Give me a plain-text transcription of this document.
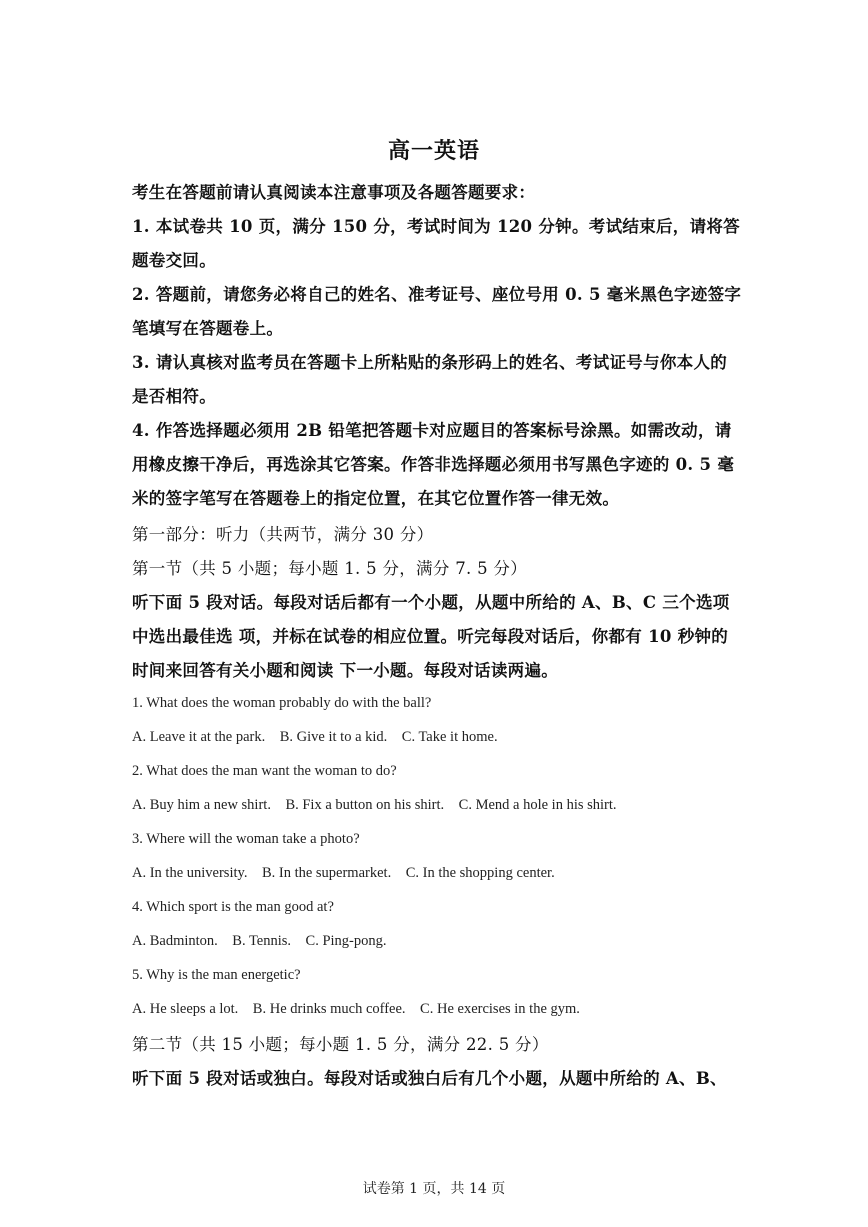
高一英语
考生在答题前请认真阅读本注意事项及各题答题要求：
1. 本试卷共 10 页，满分 150 分，考试时间为 120 分钟。考试结束后，请将答题卷交回。
2. 答题前，请您务必将自己的姓名、准考证号、座位号用 0. 5 毫米黑色字迹签字笔填写在答题卷上。
3. 请认真核对监考员在答题卡上所粘贴的条形码上的姓名、考试证号与你本人的是否相符。
4. 作答选择题必须用 2B 铅笔把答题卡对应题目的答案标号涂黑。如需改动，请用橡皮擦干净后，再选涂其它答案。作答非选择题必须用书写黑色字迹的 0. 5 毫米的签字笔写在答题卷上的指定位置，在其它位置作答一律无效。
第一部分：听力（共两节，满分 30 分）
第一节（共 5 小题；每小题 1. 5 分，满分 7. 5 分）
听下面 5 段对话。每段对话后都有一个小题，从题中所给的 A、B、C 三个选项中选出最佳选 项，并标在试卷的相应位置。听完每段对话后，你都有 10 秒钟的时间来回答有关小题和阅读 下一小题。每段对话读两遍。
1. What does the woman probably do with the ball?
A. Leave it at the park.    B. Give it to a kid.    C. Take it home.
2. What does the man want the woman to do?
A. Buy him a new shirt.    B. Fix a button on his shirt.    C. Mend a hole in his shirt.
3. Where will the woman take a photo?
A. In the university.    B. In the supermarket.    C. In the shopping center.
4. Which sport is the man good at?
A. Badminton.    B. Tennis.    C. Ping-pong.
5. Why is the man energetic?
A. He sleeps a lot.    B. He drinks much coffee.    C. He exercises in the gym.
第二节（共 15 小题；每小题 1. 5 分，满分 22. 5 分）
听下面 5 段对话或独白。每段对话或独白后有几个小题，从题中所给的 A、B、
试卷第 1 页，共 14 页
